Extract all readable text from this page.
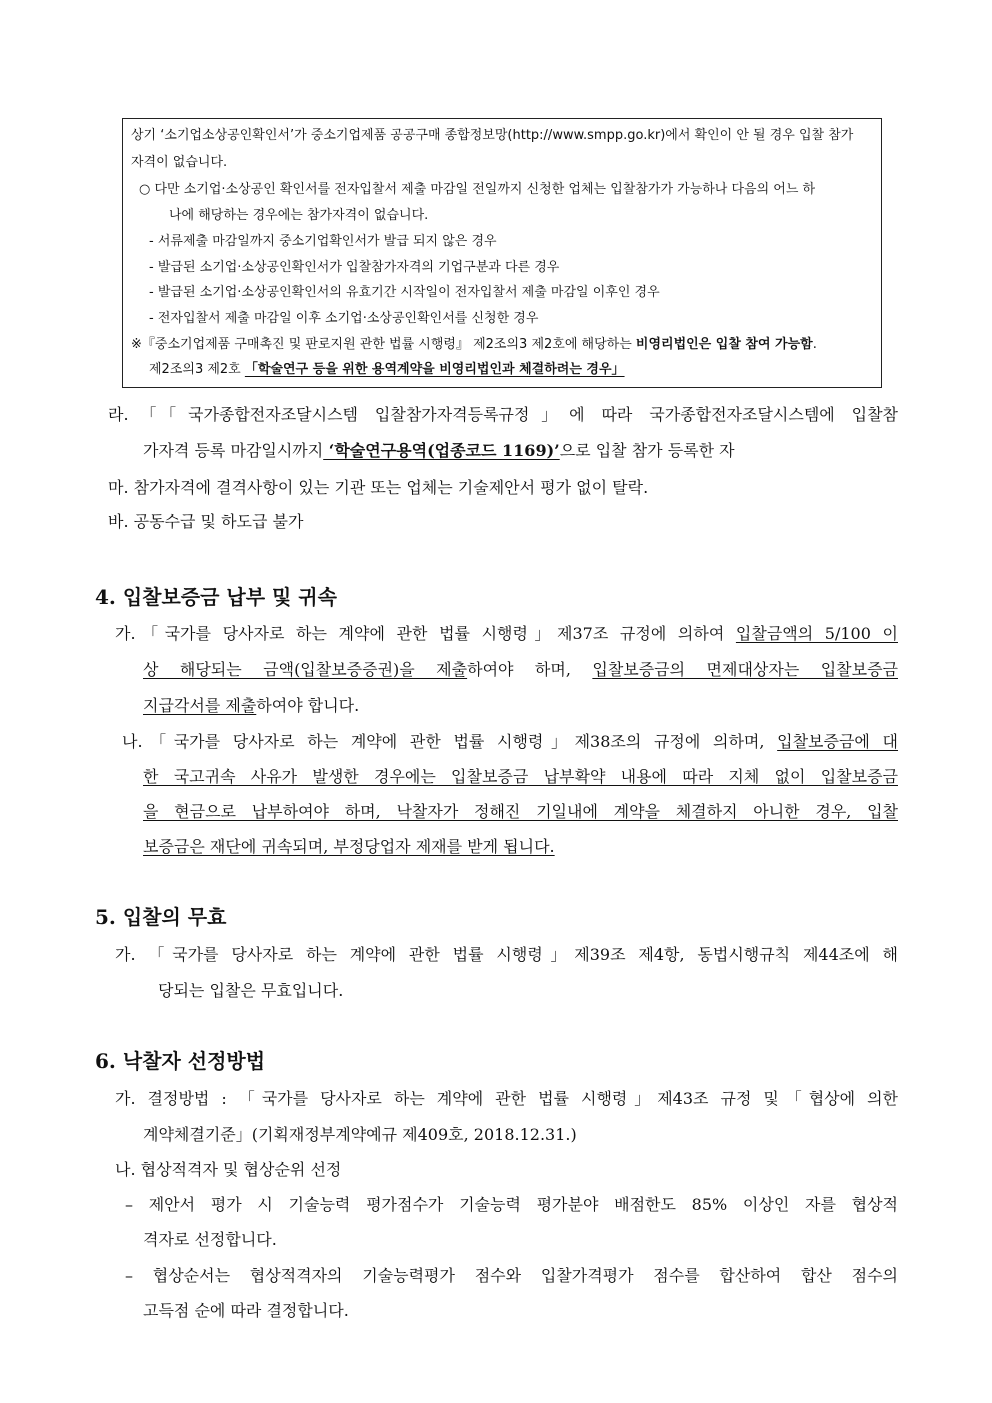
상기 ‘소기업소상공인확인서’가 중소기업제품 공공구매 종합정보망(http://www.smpp.go.kr)에서 확인이 안 될 경우 입찰 참가
자격이 없습니다.
○ 다만 소기업·소상공인 확인서를 전자입찰서 제출 마감일 전일까지 신청한 업체는 입찰참가가 가능하나 다음의 어느 하
나에 해당하는 경우에는 참가자격이 없습니다.
- 서류제출 마감일까지 중소기업확인서가 발급 되지 않은 경우
- 발급된 소기업·소상공인확인서가 입찰참가자격의 기업구분과 다른 경우
- 발급된 소기업·소상공인확인서의 유효기간 시작일이 전자입찰서 제출 마감일 이후인 경우
- 전자입찰서 제출 마감일 이후 소기업·소상공인확인서를 신청한 경우
※『중소기업제품 구매촉진 및 판로지원 관한 법률 시행령』 제2조의3 제2호에 해당하는 비영리법인은 입찰 참여 가능함.
제2조의3 제2호 「학술연구 등을 위한 용역계약을 비영리법인과 체결하려는 경우」
라.「「국가종합전자조달시스템 입찰참가자격등록규정」에 따라 국가종합전자조달시스템에 입찰참
가자격 등록 마감일시까지 ‘학술연구용역(업종코드 1169)’으로 입찰 참가 등록한 자
마. 참가자격에 결격사항이 있는 기관 또는 업체는 기술제안서 평가 없이 탈락.
바. 공동수급 및 하도급 불가
4. 입찰보증금 납부 및 귀속
가.「국가를 당사자로 하는 계약에 관한 법률 시행령」제37조 규정에 의하여 입찰금액의 5/100 이
상 해당되는 금액(입찰보증증권)을 제출하여야 하며, 입찰보증금의 면제대상자는 입찰보증금
지급각서를 제출하여야 합니다.
나.「국가를 당사자로 하는 계약에 관한 법률 시행령」제38조의 규정에 의하며, 입찰보증금에 대
한 국고귀속 사유가 발생한 경우에는 입찰보증금 납부확약 내용에 따라 지체 없이 입찰보증금
을 현금으로 납부하여야 하며, 낙찰자가 정해진 기일내에 계약을 체결하지 아니한 경우, 입찰
보증금은 재단에 귀속되며, 부정당업자 제재를 받게 됩니다.
5. 입찰의 무효
가. 「국가를 당사자로 하는 계약에 관한 법률 시행령」제39조 제4항, 동법시행규칙 제44조에 해
당되는 입찰은 무효입니다.
6. 낙찰자 선정방법
가. 결정방법 : 「국가를 당사자로 하는 계약에 관한 법률 시행령」제43조 규정 및「협상에 의한
계약체결기준」(기획재정부계약예규 제409호, 2018.12.31.)
나. 협상적격자 및 협상순위 선정
– 제안서 평가 시 기술능력 평가점수가 기술능력 평가분야 배점한도 85% 이상인 자를 협상적
격자로 선정합니다.
– 협상순서는 협상적격자의 기술능력평가 점수와 입찰가격평가 점수를 합산하여 합산 점수의
고득점 순에 따라 결정합니다.
